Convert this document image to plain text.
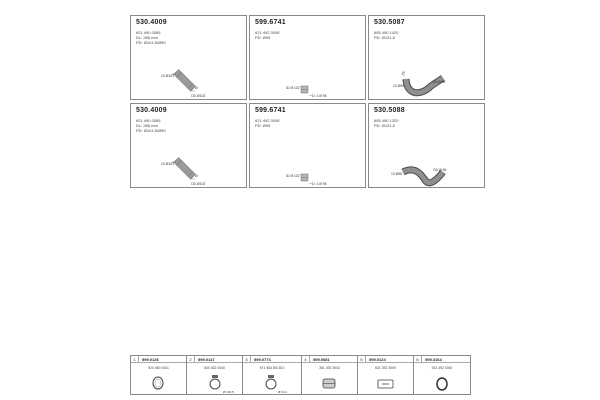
530.4009
621 490 0065
DL: 285 mm
PD: Ø101,5/Ø90
13 Ø103
Ø
OD Ø103
599.6741
621 492 0008
PD: Ø95
ID Ø 102
D: 2 Ø 95
530.5087
655 490 1420
PD: Ø101,5
Ø
OD Ø 96
13 Ø96
530.4009
621 490 0065
DL: 285 mm
PD: Ø101,5/Ø90
13 Ø103
Ø
OD Ø103
599.6741
621 492 0008
PD: Ø95
ID Ø 102
D: 2 Ø 95
530.5088
655 490 1320
PD: Ø101,5
13 Ø96
OD Ø 96
1	599.0126
920 460 0441
2	599.0147
640 402 0440
Ø 103,5
3	599.0773
971 553 Ø4-501
Ø 94,1
4	599.0081
351 492 3002
5	599.0124
621 392 3009
6	599.3164
923 492 0040
